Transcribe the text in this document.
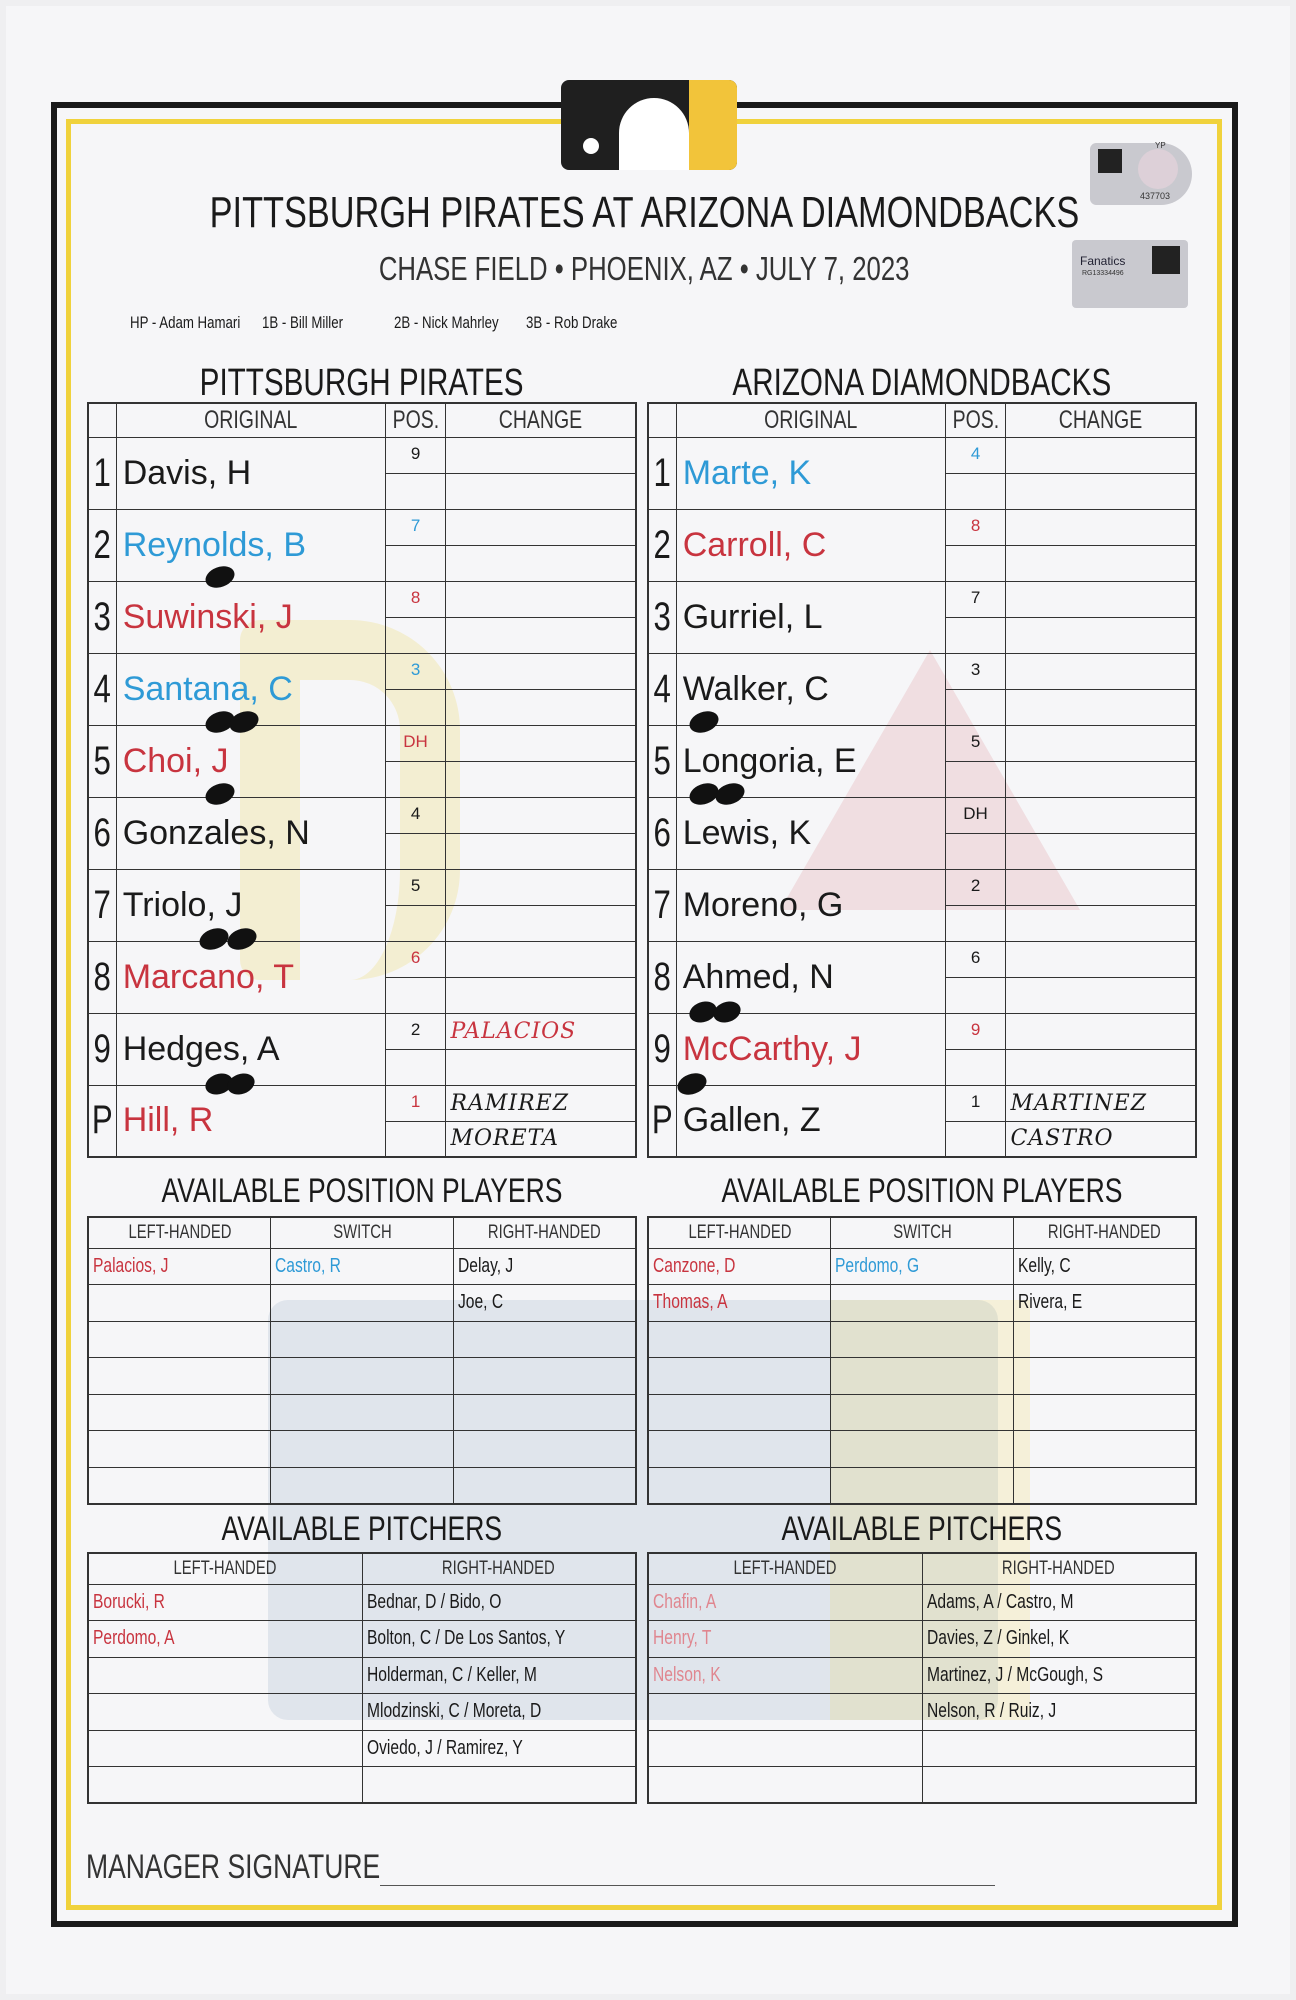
YP
437703
Fanatics
RG13334496
PITTSBURGH PIRATES AT ARIZONA DIAMONDBACKS
CHASE FIELD • PHOENIX, AZ • JULY 7, 2023
HP - Adam Hamari	1B - Bill Miller	2B - Nick Mahrley	3B - Rob Drake
PITTSBURGH PIRATES
	ORIGINAL	POS.	CHANGE
1	Davis, H	9	

2	Reynolds, B	7	

3	Suwinski, J	8	

4	Santana, C	3	

5	Choi, J	DH	

6	Gonzales, N	4	

7	Triolo, J	5	

8	Marcano, T	6	

9	Hedges, A	2	PALACIOS

P	Hill, R	1	RAMIREZ
			MORETA
AVAILABLE POSITION PLAYERS
LEFT-HANDED	SWITCH	RIGHT-HANDED
Palacios, J	Castro, R	Delay, J
		Joe, C

AVAILABLE PITCHERS
LEFT-HANDED	RIGHT-HANDED
Borucki, R	Bednar, D / Bido, O
Perdomo, A	Bolton, C / De Los Santos, Y
	Holderman, C / Keller, M
	Mlodzinski, C / Moreta, D
	Oviedo, J / Ramirez, Y

ARIZONA DIAMONDBACKS
	ORIGINAL	POS.	CHANGE
1	Marte, K	4	

2	Carroll, C	8	

3	Gurriel, L	7	

4	Walker, C	3	

5	Longoria, E	5	

6	Lewis, K	DH	

7	Moreno, G	2	

8	Ahmed, N	6	

9	McCarthy, J	9	

P	Gallen, Z	1	MARTINEZ
			CASTRO
AVAILABLE POSITION PLAYERS
LEFT-HANDED	SWITCH	RIGHT-HANDED
Canzone, D	Perdomo, G	Kelly, C
Thomas, A		Rivera, E

AVAILABLE PITCHERS
LEFT-HANDED	RIGHT-HANDED
Chafin, A	Adams, A / Castro, M
Henry, T	Davies, Z / Ginkel, K
Nelson, K	Martinez, J / McGough, S
	Nelson, R / Ruiz, J

MANAGER SIGNATURE
